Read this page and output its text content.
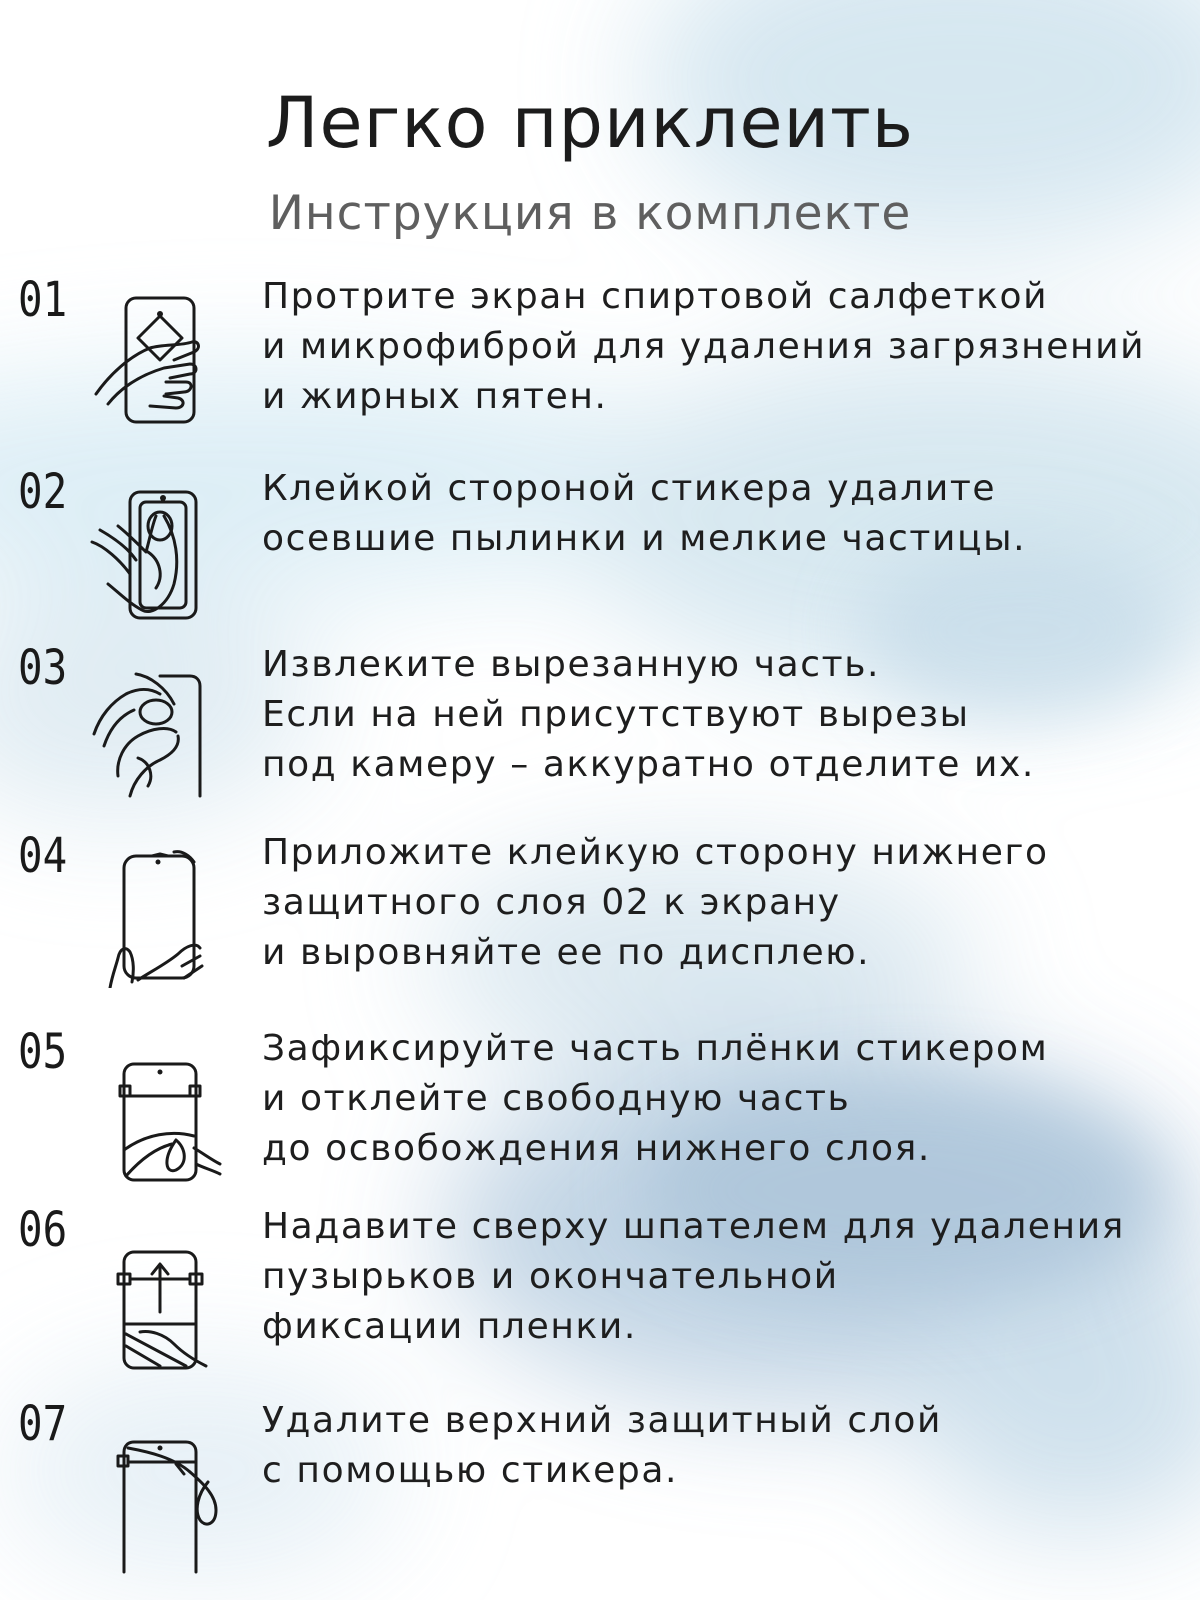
Легко приклеить
Инструкция в комплекте
01	Протрите экран спиртовой салфеткой
и микрофиброй для удаления загрязнений
и жирных пятен.
02	Клейкой стороной стикера удалите
осевшие пылинки и мелкие частицы.
03	Извлеките вырезанную часть.
Если на ней присутствуют вырезы
под камеру – аккуратно отделите их.
04	Приложите клейкую сторону нижнего
защитного слоя 02 к экрану
и выровняйте ее по дисплею.
05	Зафиксируйте часть плёнки стикером
и отклейте свободную часть
до освобождения нижнего слоя.
06	Надавите сверху шпателем для удаления
пузырьков и окончательной
фиксации пленки.
07	Удалите верхний защитный слой
с помощью стикера.
